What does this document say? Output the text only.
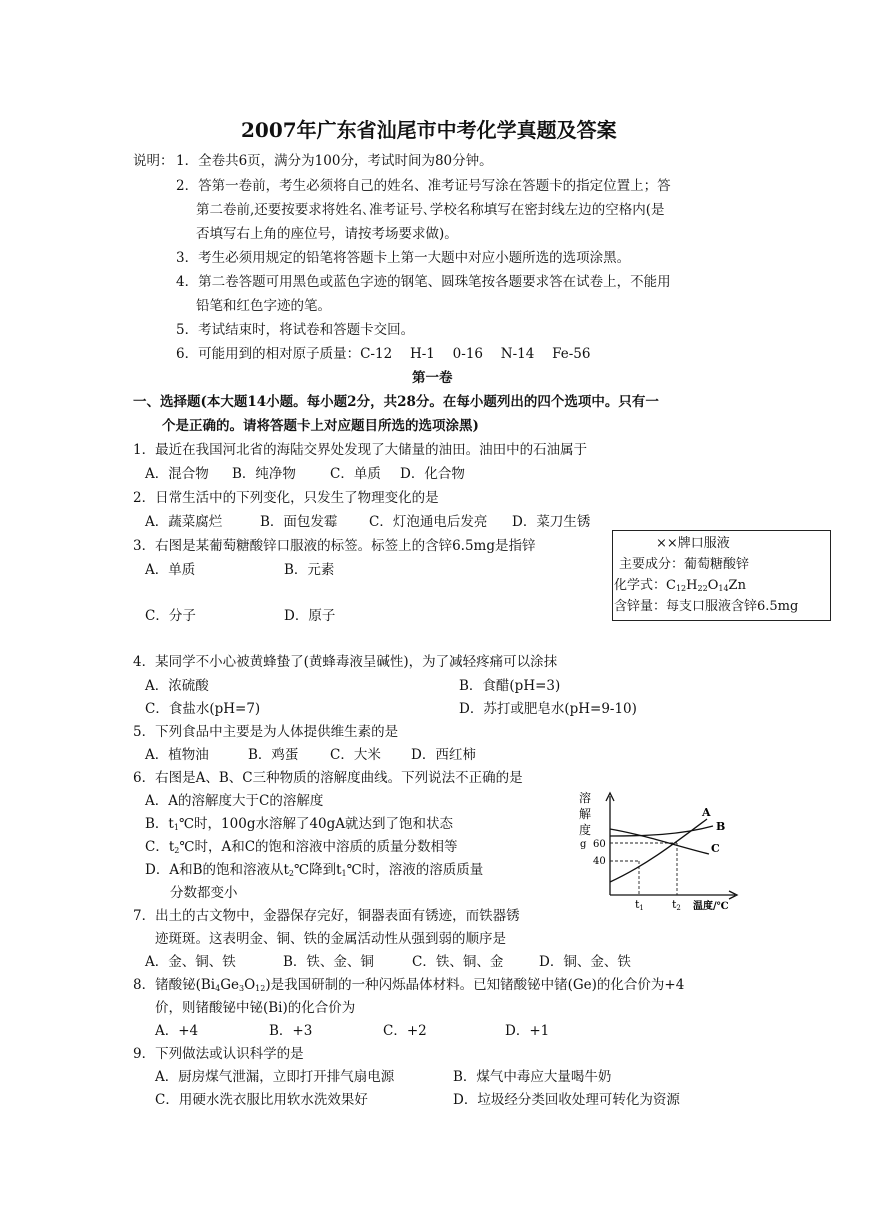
2007年广东省汕尾市中考化学真题及答案
说明： 1．全卷共6页，满分为100分，考试时间为80分钟。
2．答第一卷前，考生必须将自己的姓名、准考证号写涂在答题卡的指定位置上；答
第二卷前,还要按要求将姓名､准考证号､学校名称填写在密封线左边的空格内(是
否填写右上角的座位号，请按考场要求做)。
3．考生必须用规定的铅笔将答题卡上第一大题中对应小题所选的选项涂黑。
4．第二卷答题可用黑色或蓝色字迹的钢笔、圆珠笔按各题要求答在试卷上，不能用
铅笔和红色字迹的笔。
5．考试结束时，将试卷和答题卡交回。
6．可能用到的相对原子质量：C-12　 H-1　 0-16　 N-14　 Fe-56
第一卷
一、选择题(本大题14小题。每小题2分，共28分。在每小题列出的四个选项中。只有一
个是正确的。请将答题卡上对应题目所选的选项涂黑)
1．最近在我国河北省的海陆交界处发现了大储量的油田。油田中的石油属于
A．混合物 B．纯净物	C．单质 D．化合物
2．日常生活中的下列变化，只发生了物理变化的是
A．蔬菜腐烂	B．面包发霉 C．灯泡通电后发亮 D．菜刀生锈
3．右图是某葡萄糖酸锌口服液的标签。标签上的含锌6.5mg是指锌
A．单质	B．元素
C．分子	D．原子
××牌口服液
主要成分：葡萄糖酸锌
化学式：$C_{12}H_{22}O_{14}Zn$
含锌量：每支口服液含锌6.5mg
4．某同学不小心被黄蜂蛰了(黄蜂毒液呈碱性)，为了减轻疼痛可以涂抹
A．浓硫酸	B．食醋(pH=3)
C．食盐水(pH=7)	D．苏打或肥皂水(pH=9-10)
5．下列食品中主要是为人体提供维生素的是
A．植物油	B．鸡蛋 C．大米 D．西红柿
6．右图是A、B、C三种物质的溶解度曲线。下列说法不正确的是
A．A的溶解度大于C的溶解度
B．$t_1℃$时，100g水溶解了40gA就达到了饱和状态
C．$t_2℃$时，A和C的饱和溶液中溶质的质量分数相等
D．A和B的饱和溶液从$t_2℃$降到$t_1℃$时，溶液的溶质质量
分数都变小
溶
解
度
g 60
40
A
B
C
t1	t2 温度/℃
7．出土的古文物中，金器保存完好，铜器表面有锈迹，而铁器锈
迹斑斑。这表明金、铜、铁的金属活动性从强到弱的顺序是
A．金、铜、铁	B．铁、金、铜	C．铁、铜、金	D．铜、金、铁
8．锗酸铋$(Bi_4Ge_3O_{12})$是我国研制的一种闪烁晶体材料。已知锗酸铋中锗(Ge)的化合价为+4
价，则锗酸铋中铋(Bi)的化合价为
A．+4	B．+3	C．+2	D．+1
9．下列做法或认识科学的是
A．厨房煤气泄漏，立即打开排气扇电源	B．煤气中毒应大量喝牛奶
C．用硬水洗衣服比用软水洗效果好	D．垃圾经分类回收处理可转化为资源
